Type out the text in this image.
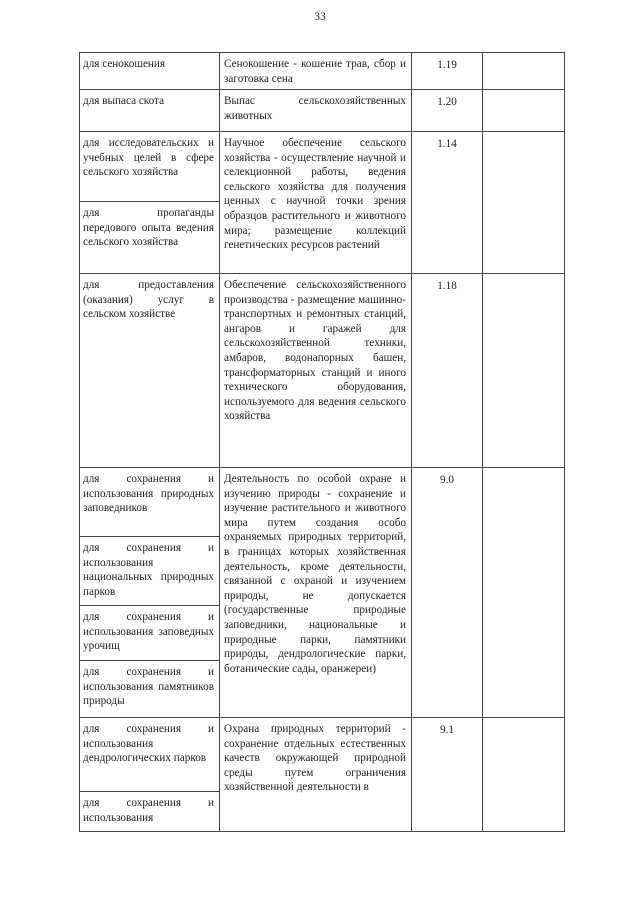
33
для сенокошения	Сенокошение - кошение трав, сбор и заготовка сена
1.19
для выпаса скота	Выпас сельскохозяйственных животных
1.20
для исследовательских и учебных целей в сфере сельского хозяйства
для пропаганды передового опыта ведения сельского хозяйства
Научное обеспечение сельского хозяйства - осуществление научной и селекционной работы, ведения сельского хозяйства для получения ценных с научной точки зрения образцов растительного и животного мира; размещение коллекций генетических ресурсов растений
1.14
для предоставления (оказания) услуг в сельском хозяйстве
Обеспечение сельскохозяйственного производства - размещение машинно-транспортных и ремонтных станций, ангаров и гаражей для сельскохозяйственной техники, амбаров, водонапорных башен, трансформаторных станций и иного технического оборудования, используемого для ведения сельского хозяйства
1.18
для сохранения и использования природных заповедников
для сохранения и использования национальных природных парков
для сохранения и использования заповедных урочищ
для сохранения и использования памятников природы
Деятельность по особой охране и изучению природы - сохранение и изучение растительного и животного мира путем создания особо охраняемых природных территорий, в границах которых хозяйственная деятельность, кроме деятельности, связанной с охраной и изучением природы, не допускается (государственные природные заповедники, национальные и природные парки, памятники природы, дендрологические парки, ботанические сады, оранжереи)
9.0
для сохранения и использования дендрологических парков
для сохранения и использования
Охрана природных территорий - сохранение отдельных естественных качеств окружающей природной среды путем ограничения хозяйственной деятельности в
9.1
